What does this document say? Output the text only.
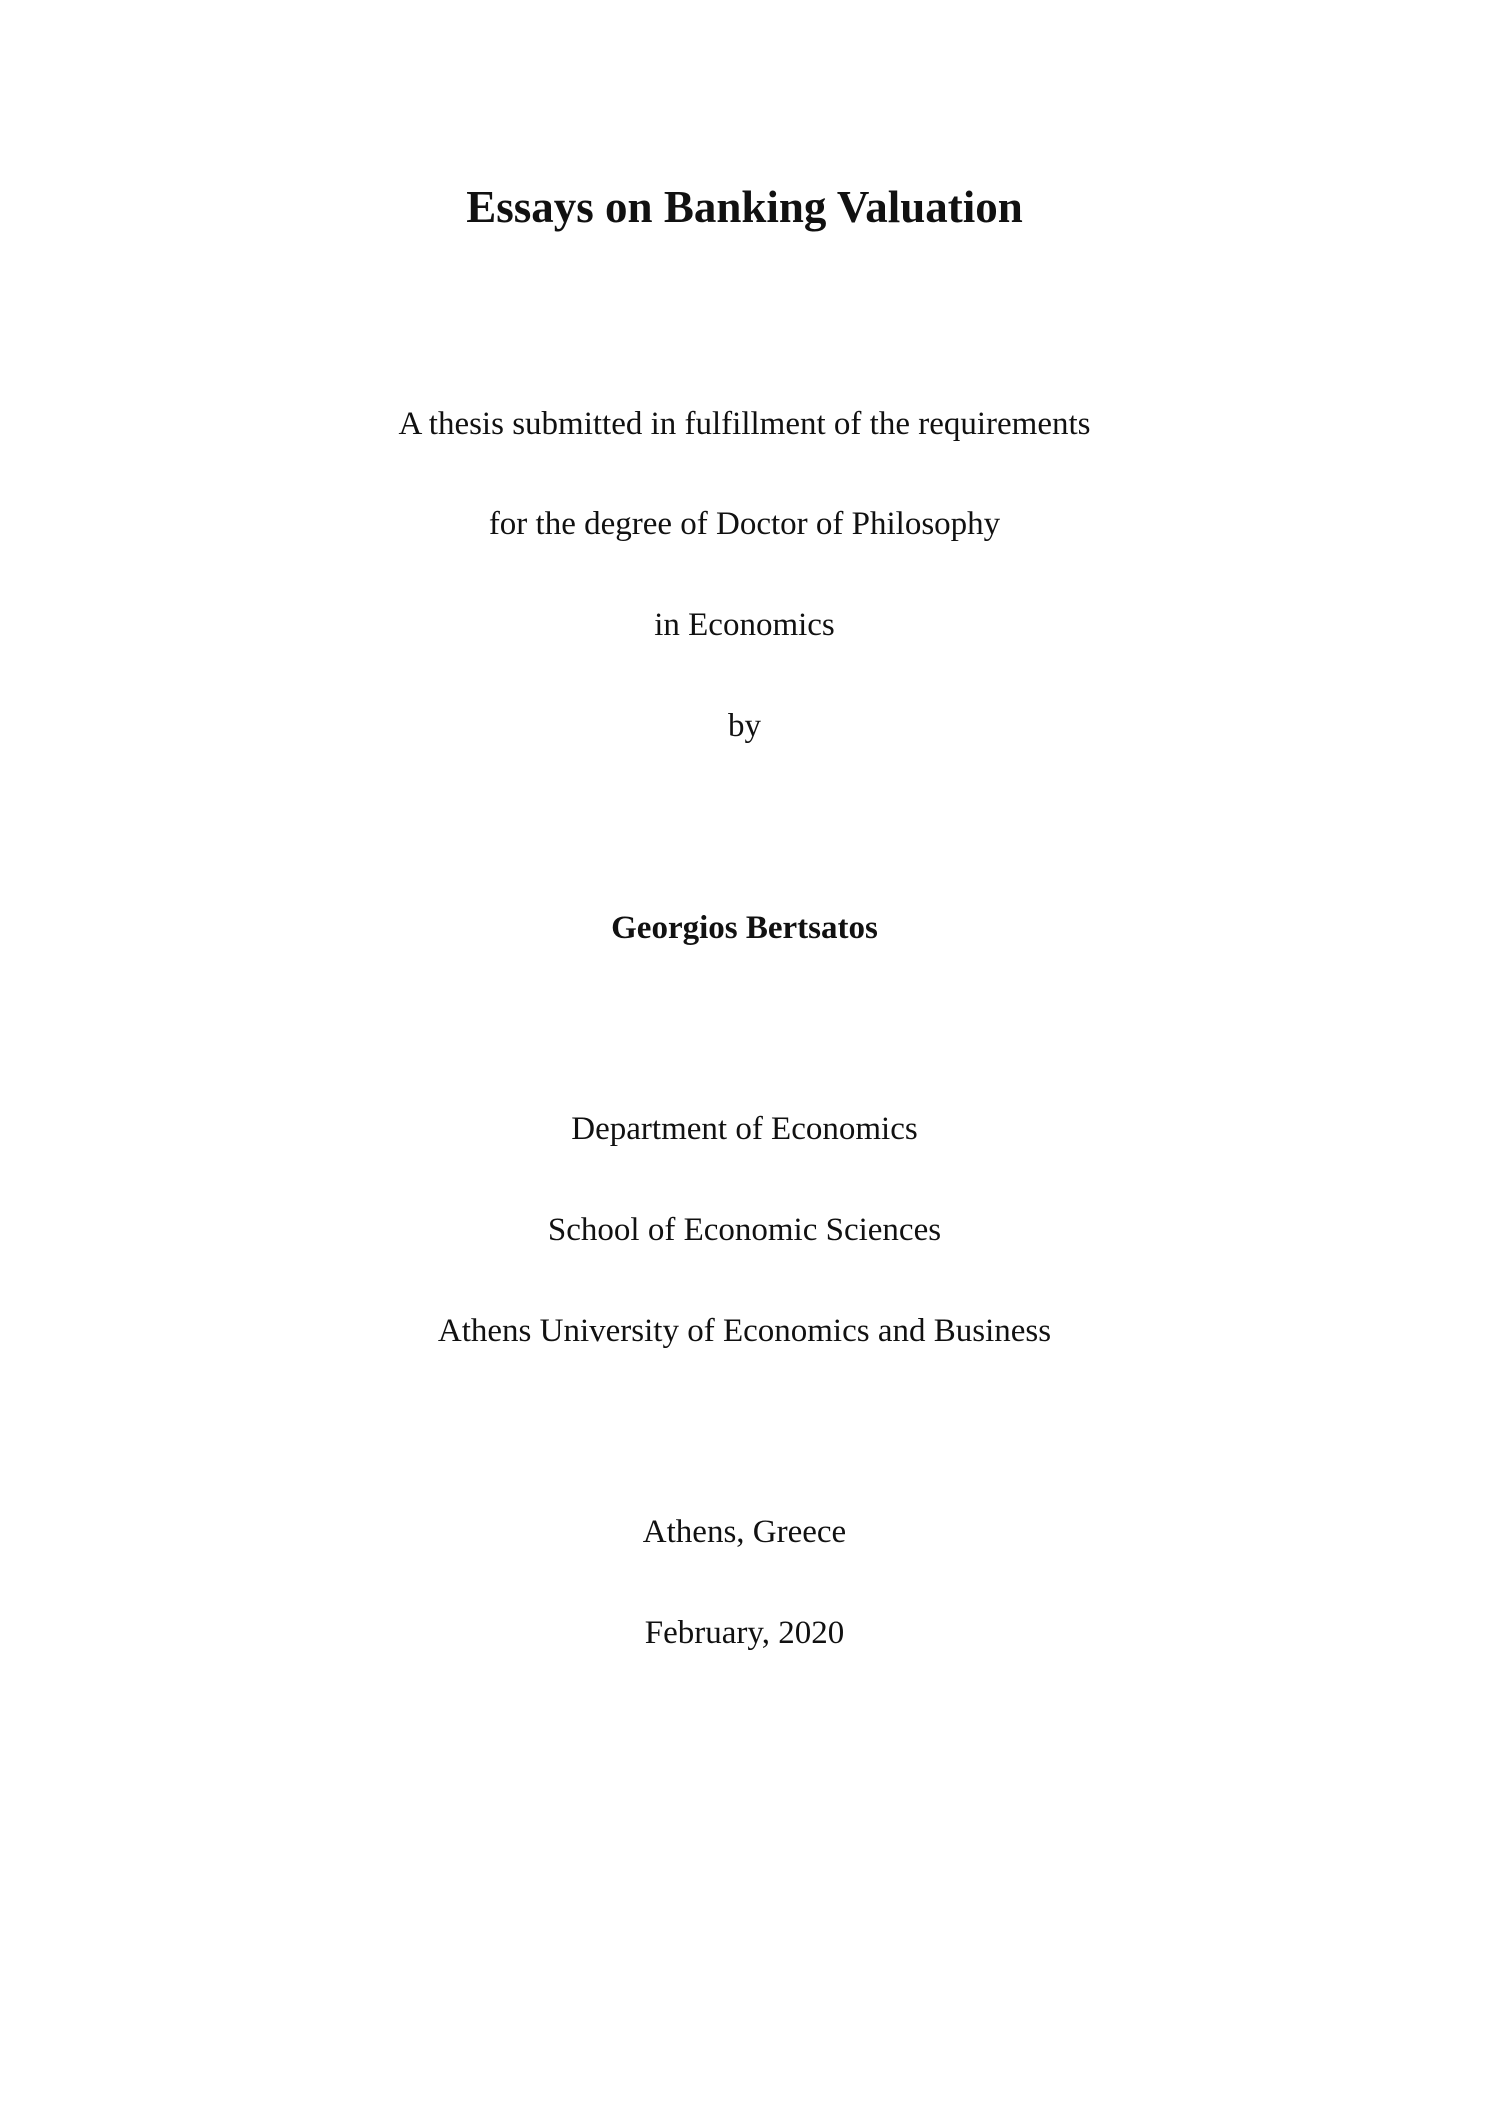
Essays on Banking Valuation
A thesis submitted in fulfillment of the requirements
for the degree of Doctor of Philosophy
in Economics
by
Georgios Bertsatos
Department of Economics
School of Economic Sciences
Athens University of Economics and Business
Athens, Greece
February, 2020
